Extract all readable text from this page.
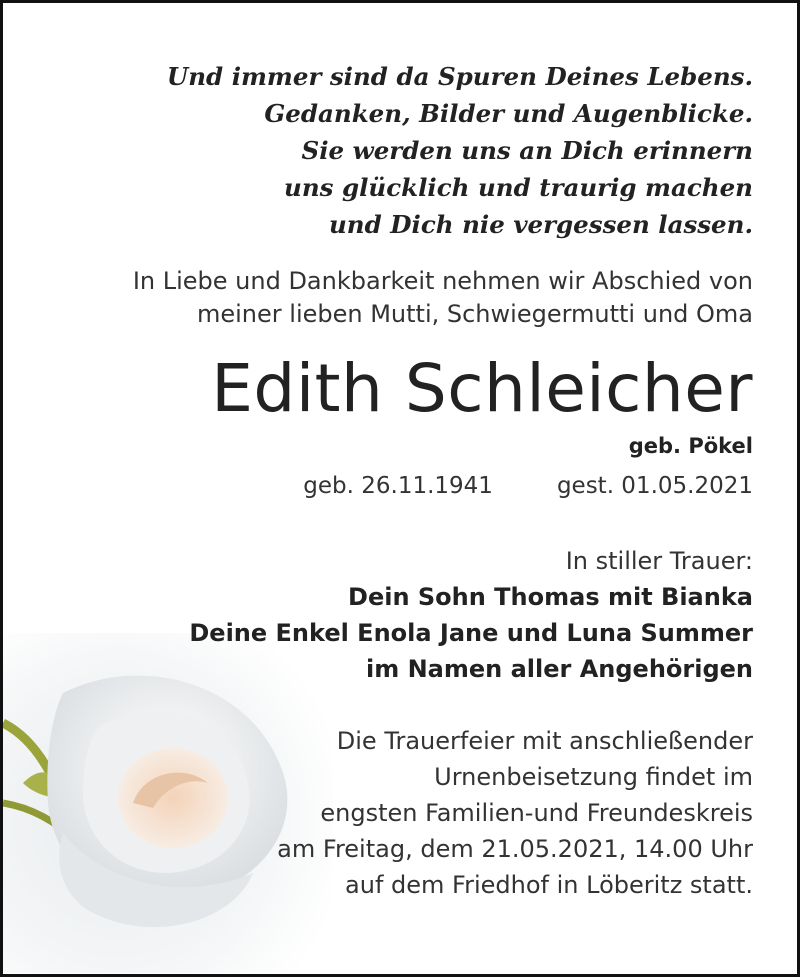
Und immer sind da Spuren Deines Lebens.
Gedanken, Bilder und Augenblicke.
Sie werden uns an Dich erinnern
uns glücklich und traurig machen
und Dich nie vergessen lassen.
In Liebe und Dankbarkeit nehmen wir Abschied von
meiner lieben Mutti, Schwiegermutti und Oma
Edith Schleicher
geb. Pökel
geb. 26.11.1941	gest. 01.05.2021
In stiller Trauer:
Dein Sohn Thomas mit Bianka
Deine Enkel Enola Jane und Luna Summer
im Namen aller Angehörigen
Die Trauerfeier mit anschließender
Urnenbeisetzung findet im
engsten Familien-und Freundeskreis
am Freitag, dem 21.05.2021, 14.00 Uhr
auf dem Friedhof in Löberitz statt.
